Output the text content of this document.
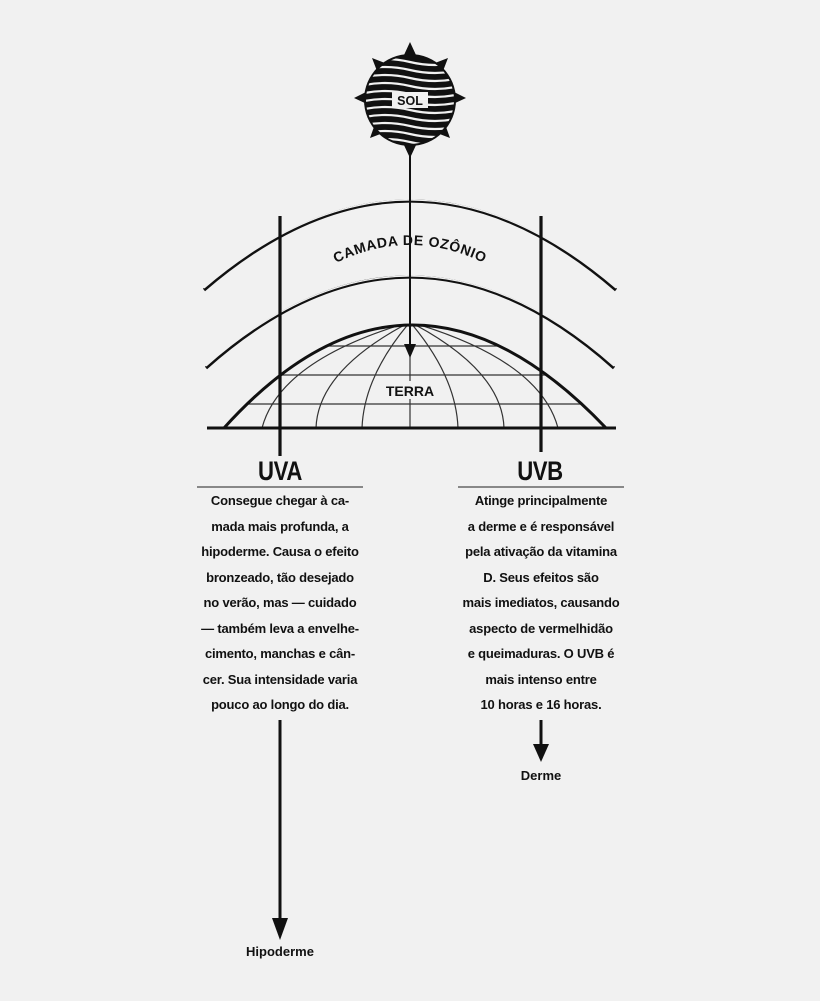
CAMADA DE OZÔNIO
TERRA
SOL
UVA
Consegue chegar à ca-
mada mais profunda, a
hipoderme. Causa o efeito
bronzeado, tão desejado
no verão, mas — cuidado
— também leva a envelhe-
cimento, manchas e cân-
cer. Sua intensidade varia
pouco ao longo do dia.
Hipoderme
UVB
Atinge principalmente
a derme e é responsável
pela ativação da vitamina
D. Seus efeitos são
mais imediatos, causando
aspecto de vermelhidão
e queimaduras. O UVB é
mais intenso entre
10 horas e 16 horas.
Derme
